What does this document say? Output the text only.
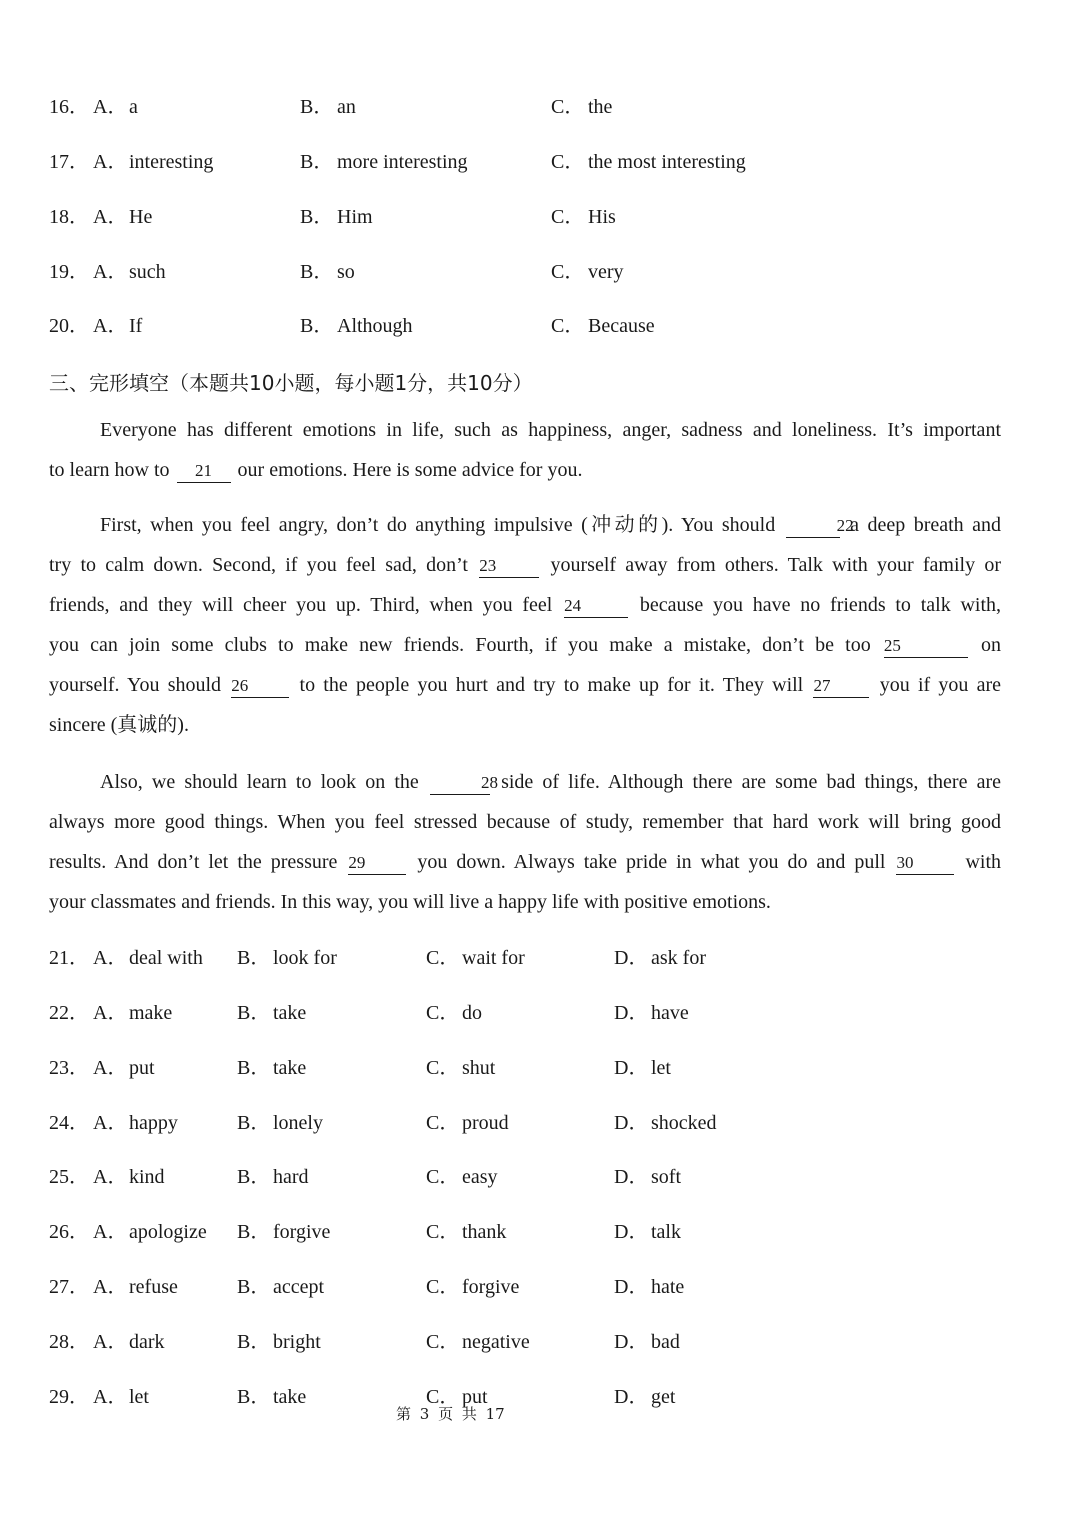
16． A． a	B． an	C． the
17． A． interesting	B． more interesting	C． the most interesting
18． A． He	B． Him	C． His
19． A． such	B． so	C． very
20． A． If	B． Although	C． Because
三、完形填空（本题共10小题，每小题1分，共10分）

Everyone has different emotions in life, such as happiness, anger, sadness and loneliness. It’s important

to learn how to 21 our emotions. Here is some advice for you.

First, when you feel angry, don’t do anything impulsive (冲动的). You should	22 a deep breath and

try to calm down. Second, if you feel sad, don’t 23	yourself away from others. Talk with your family or

friends, and they will cheer you up. Third, when you feel 24	because you have no friends to talk with,

you can join some clubs to make new friends. Fourth, if you make a mistake, don’t be too 25	on

yourself. You should 26	to the people you hurt and try to make up for it. They will 27 you if you are

sincere (真诚的).

Also, we should learn to look on the	28 side of life. Although there are some bad things, there are

always more good things. When you feel stressed because of study, remember that hard work will bring good

results. And don’t let the pressure 29	you down. Always take pride in what you do and pull 30	with

your classmates and friends. In this way, you will live a happy life with positive emotions.

21． A． deal with B． look for	C． wait for	D． ask for
22． A． make	B． take	C． do	D． have
23． A． put	B． take	C． shut	D． let
24． A． happy	B． lonely	C． proud	D． shocked
25． A． kind	B． hard	C． easy	D． soft
26． A． apologize B． forgive	C． thank	D． talk
27． A． refuse	B． accept	C． forgive	D． hate
28． A． dark	B． bright	C． negative	D． bad
29． A． let	B． take	C． put	D． get
第 3 页 共 17
